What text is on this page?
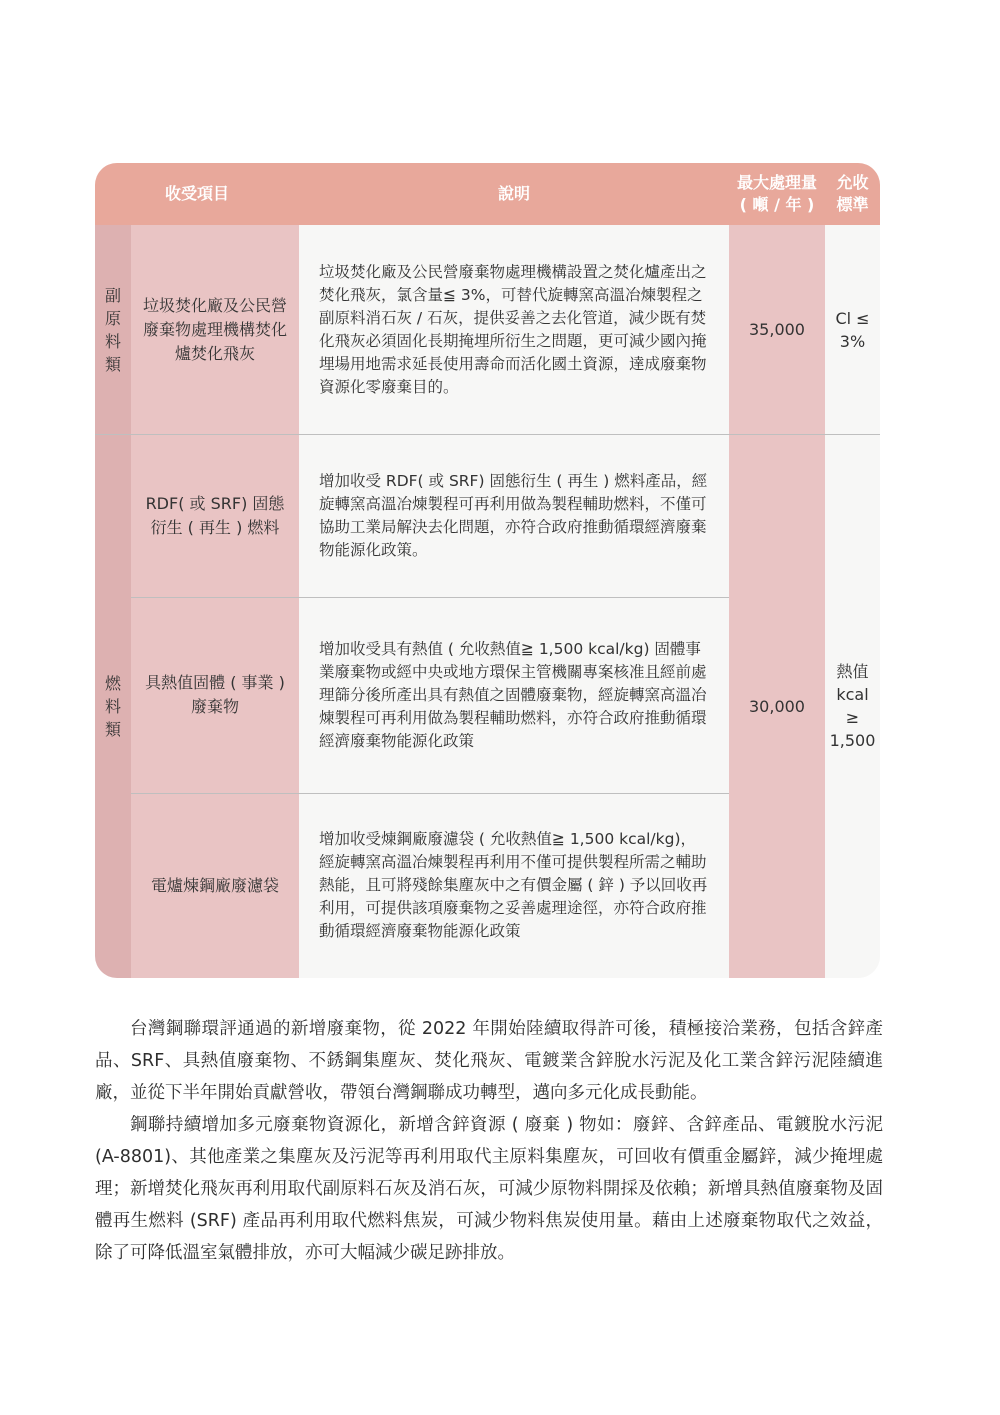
收受項目	說明
最大處理量
( 噸 / 年 )
允收
標準
副原料類
燃料類
垃圾焚化廠及公民營廢棄物處理機構焚化爐焚化飛灰
RDF( 或 SRF) 固態衍生 ( 再生 ) 燃料
具熱值固體 ( 事業 ) 廢棄物
電爐煉鋼廠廢濾袋
垃圾焚化廠及公民營廢棄物處理機構設置之焚化爐產出之焚化飛灰，氯含量≦ 3%，可替代旋轉窯高溫冶煉製程之副原料消石灰 / 石灰，提供妥善之去化管道，減少既有焚化飛灰必須固化長期掩埋所衍生之問題，更可減少國內掩埋場用地需求延長使用壽命而活化國土資源，達成廢棄物資源化零廢棄目的。
增加收受 RDF( 或 SRF) 固態衍生 ( 再生 ) 燃料產品，經旋轉窯高溫冶煉製程可再利用做為製程輔助燃料，不僅可協助工業局解決去化問題，亦符合政府推動循環經濟廢棄物能源化政策。
增加收受具有熱值 ( 允收熱值≧ 1,500 kcal/kg) 固體事業廢棄物或經中央或地方環保主管機關專案核准且經前處理篩分後所產出具有熱值之固體廢棄物，經旋轉窯高溫冶煉製程可再利用做為製程輔助燃料，亦符合政府推動循環經濟廢棄物能源化政策
增加收受煉鋼廠廢濾袋 ( 允收熱值≧ 1,500 kcal/kg)，經旋轉窯高溫冶煉製程再利用不僅可提供製程所需之輔助熱能，且可將殘餘集塵灰中之有價金屬 ( 鋅 ) 予以回收再利用，可提供該項廢棄物之妥善處理途徑，亦符合政府推動循環經濟廢棄物能源化政策
35,000
30,000
Cl ≤ 3%
熱值 kcal ≥ 1,500

台灣鋼聯環評通過的新增廢棄物，從 2022 年開始陸續取得許可後，積極接洽業務，包括含鋅產品、SRF、具熱值廢棄物、不銹鋼集塵灰、焚化飛灰、電鍍業含鋅脫水污泥及化工業含鋅污泥陸續進廠，並從下半年開始貢獻營收，帶領台灣鋼聯成功轉型，邁向多元化成長動能。

鋼聯持續增加多元廢棄物資源化，新增含鋅資源 ( 廢棄 ) 物如：廢鋅、含鋅產品、電鍍脫水污泥 (A-8801)、其他產業之集塵灰及污泥等再利用取代主原料集塵灰，可回收有價重金屬鋅，減少掩埋處理；新增焚化飛灰再利用取代副原料石灰及消石灰，可減少原物料開採及依賴；新增具熱值廢棄物及固體再生燃料 (SRF) 產品再利用取代燃料焦炭，可減少物料焦炭使用量。藉由上述廢棄物取代之效益，除了可降低溫室氣體排放，亦可大幅減少碳足跡排放。
